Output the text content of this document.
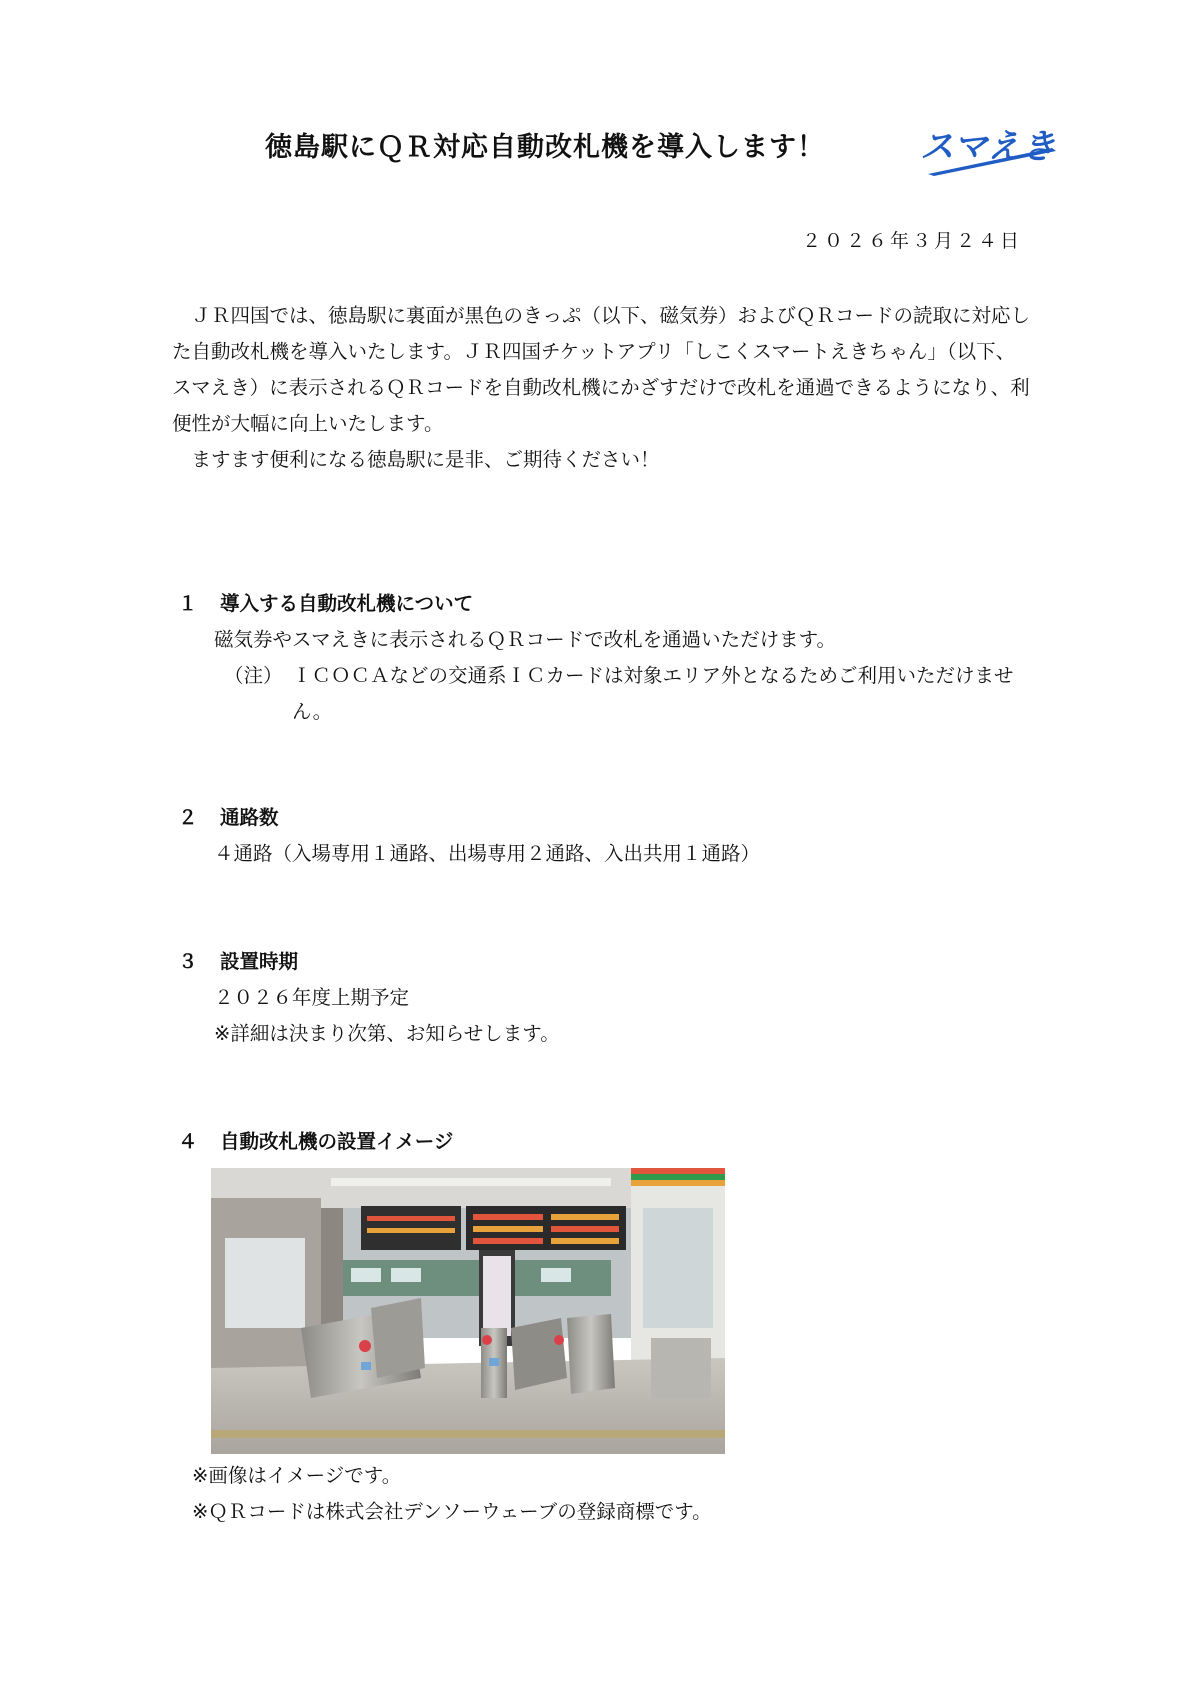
徳島駅にＱＲ対応自動改札機を導入します！	スマえき
２０２６年３月２４日

ＪＲ四国では、徳島駅に裏面が黒色のきっぷ（以下、磁気券）およびＱＲコードの読取に対応した自動改札機を導入いたします。ＪＲ四国チケットアプリ「しこくスマートえきちゃん」（以下、スマえき）に表示されるＱＲコードを自動改札機にかざすだけで改札を通過できるようになり、利便性が大幅に向上いたします。

ますます便利になる徳島駅に是非、ご期待ください！

１ 導入する自動改札機について
磁気券やスマえきに表示されるＱＲコードで改札を通過いただけます。
（注） ＩＣＯＣＡなどの交通系ＩＣカードは対象エリア外となるためご利用いただけません。
２ 通路数
４通路（入場専用１通路、出場専用２通路、入出共用１通路）
３ 設置時期
２０２６年度上期予定
※詳細は決まり次第、お知らせします。
４ 自動改札機の設置イメージ
※画像はイメージです。
※ＱＲコードは株式会社デンソーウェーブの登録商標です。
